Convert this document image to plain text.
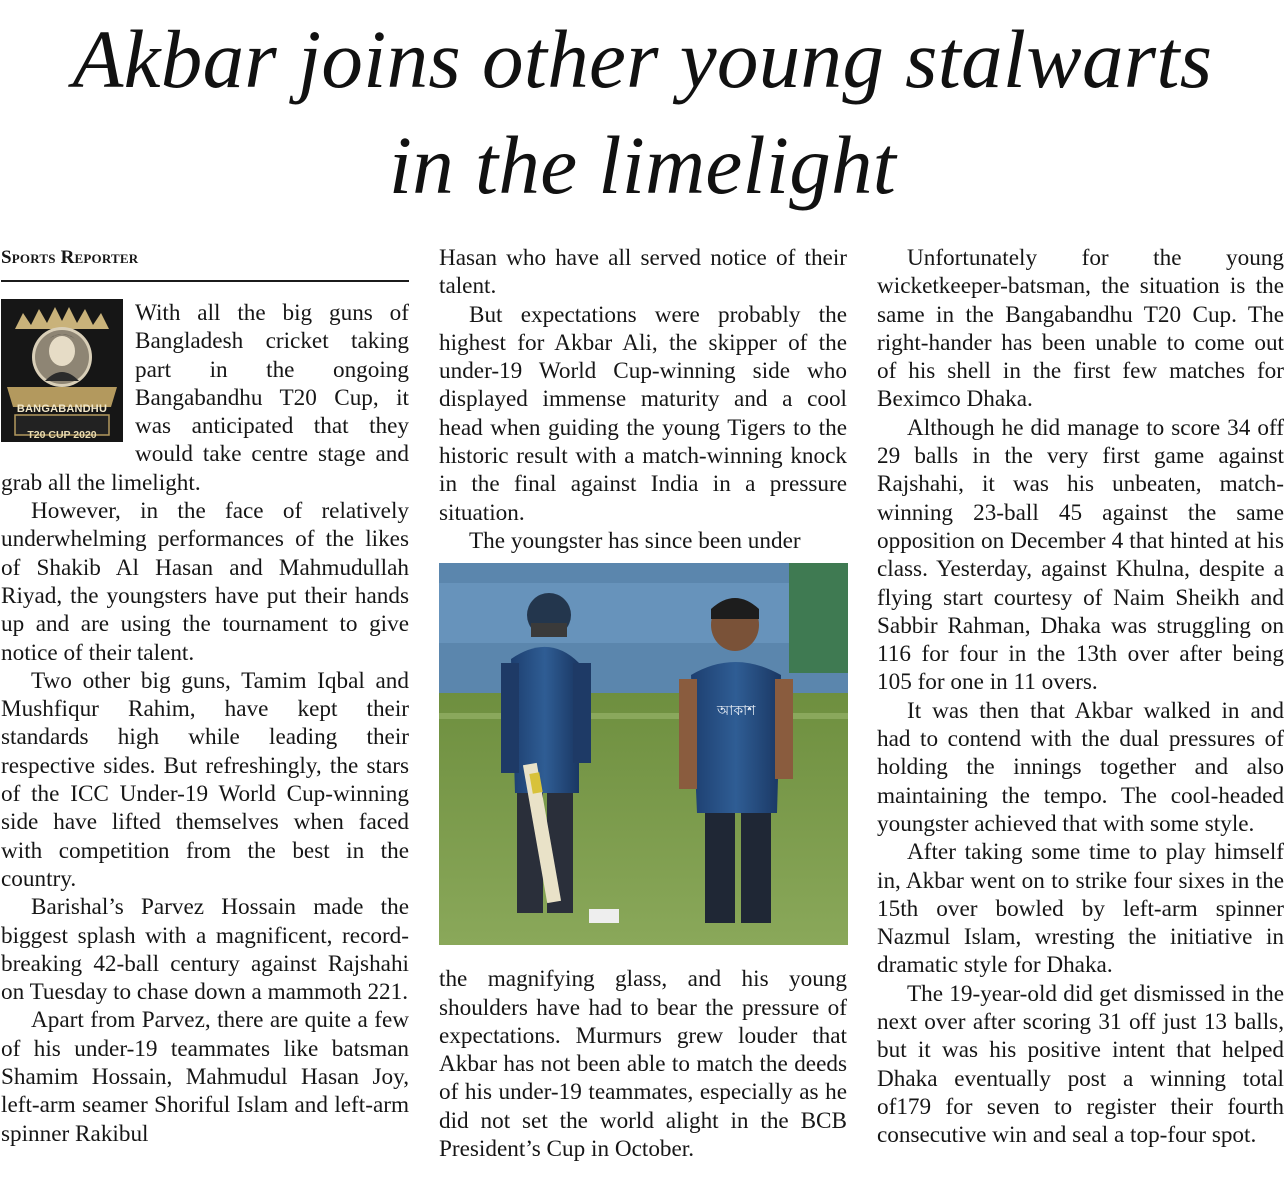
Akbar joins other young stalwarts
in the limelight
Sports Reporter
BANGABANDHU
T20 CUP 2020

With all the big guns of Bangladesh cricket taking part in the ongoing Bangabandhu T20 Cup, it was anticipated that they would take centre stage and grab all the limelight.

However, in the face of relatively underwhelming performances of the likes of Shakib Al Hasan and Mahmudullah Riyad, the youngsters have put their hands up and are using the tournament to give notice of their talent.

Two other big guns, Tamim Iqbal and Mushfiqur Rahim, have kept their standards high while leading their respective sides. But refreshingly, the stars of the ICC Under-19 World Cup-winning side have lifted themselves when faced with competition from the best in the country.

Barishal’s Parvez Hossain made the biggest splash with a magnificent, record-breaking 42-ball century against Rajshahi on Tuesday to chase down a mammoth 221.

Apart from Parvez, there are quite a few of his under-19 teammates like batsman Shamim Hossain, Mahmudul Hasan Joy, left-arm seamer Shoriful Islam and left-arm spinner Rakibul

Hasan who have all served notice of their talent.

But expectations were probably the highest for Akbar Ali, the skipper of the under-19 World Cup-winning side who displayed immense maturity and a cool head when guiding the young Tigers to the historic result with a match-winning knock in the final against India in a pressure situation.

The youngster has since been under

আকাশ

the magnifying glass, and his young shoulders have had to bear the pressure of expectations. Murmurs grew louder that Akbar has not been able to match the deeds of his under-19 teammates, especially as he did not set the world alight in the BCB President’s Cup in October.

Unfortunately for the young wicketkeeper-batsman, the situation is the same in the Bangabandhu T20 Cup. The right-hander has been unable to come out of his shell in the first few matches for Beximco Dhaka.

Although he did manage to score 34 off 29 balls in the very first game against Rajshahi, it was his unbeaten, match-winning 23-ball 45 against the same opposition on December 4 that hinted at his class. Yesterday, against Khulna, despite a flying start courtesy of Naim Sheikh and Sabbir Rahman, Dhaka was struggling on 116 for four in the 13th over after being 105 for one in 11 overs.

It was then that Akbar walked in and had to contend with the dual pressures of holding the innings together and also maintaining the tempo. The cool-headed youngster achieved that with some style.

After taking some time to play himself in, Akbar went on to strike four sixes in the 15th over bowled by left-arm spinner Nazmul Islam, wresting the initiative in dramatic style for Dhaka.

The 19-year-old did get dismissed in the next over after scoring 31 off just 13 balls, but it was his positive intent that helped Dhaka eventually post a winning total of179 for seven to register their fourth consecutive win and seal a top-four spot.
